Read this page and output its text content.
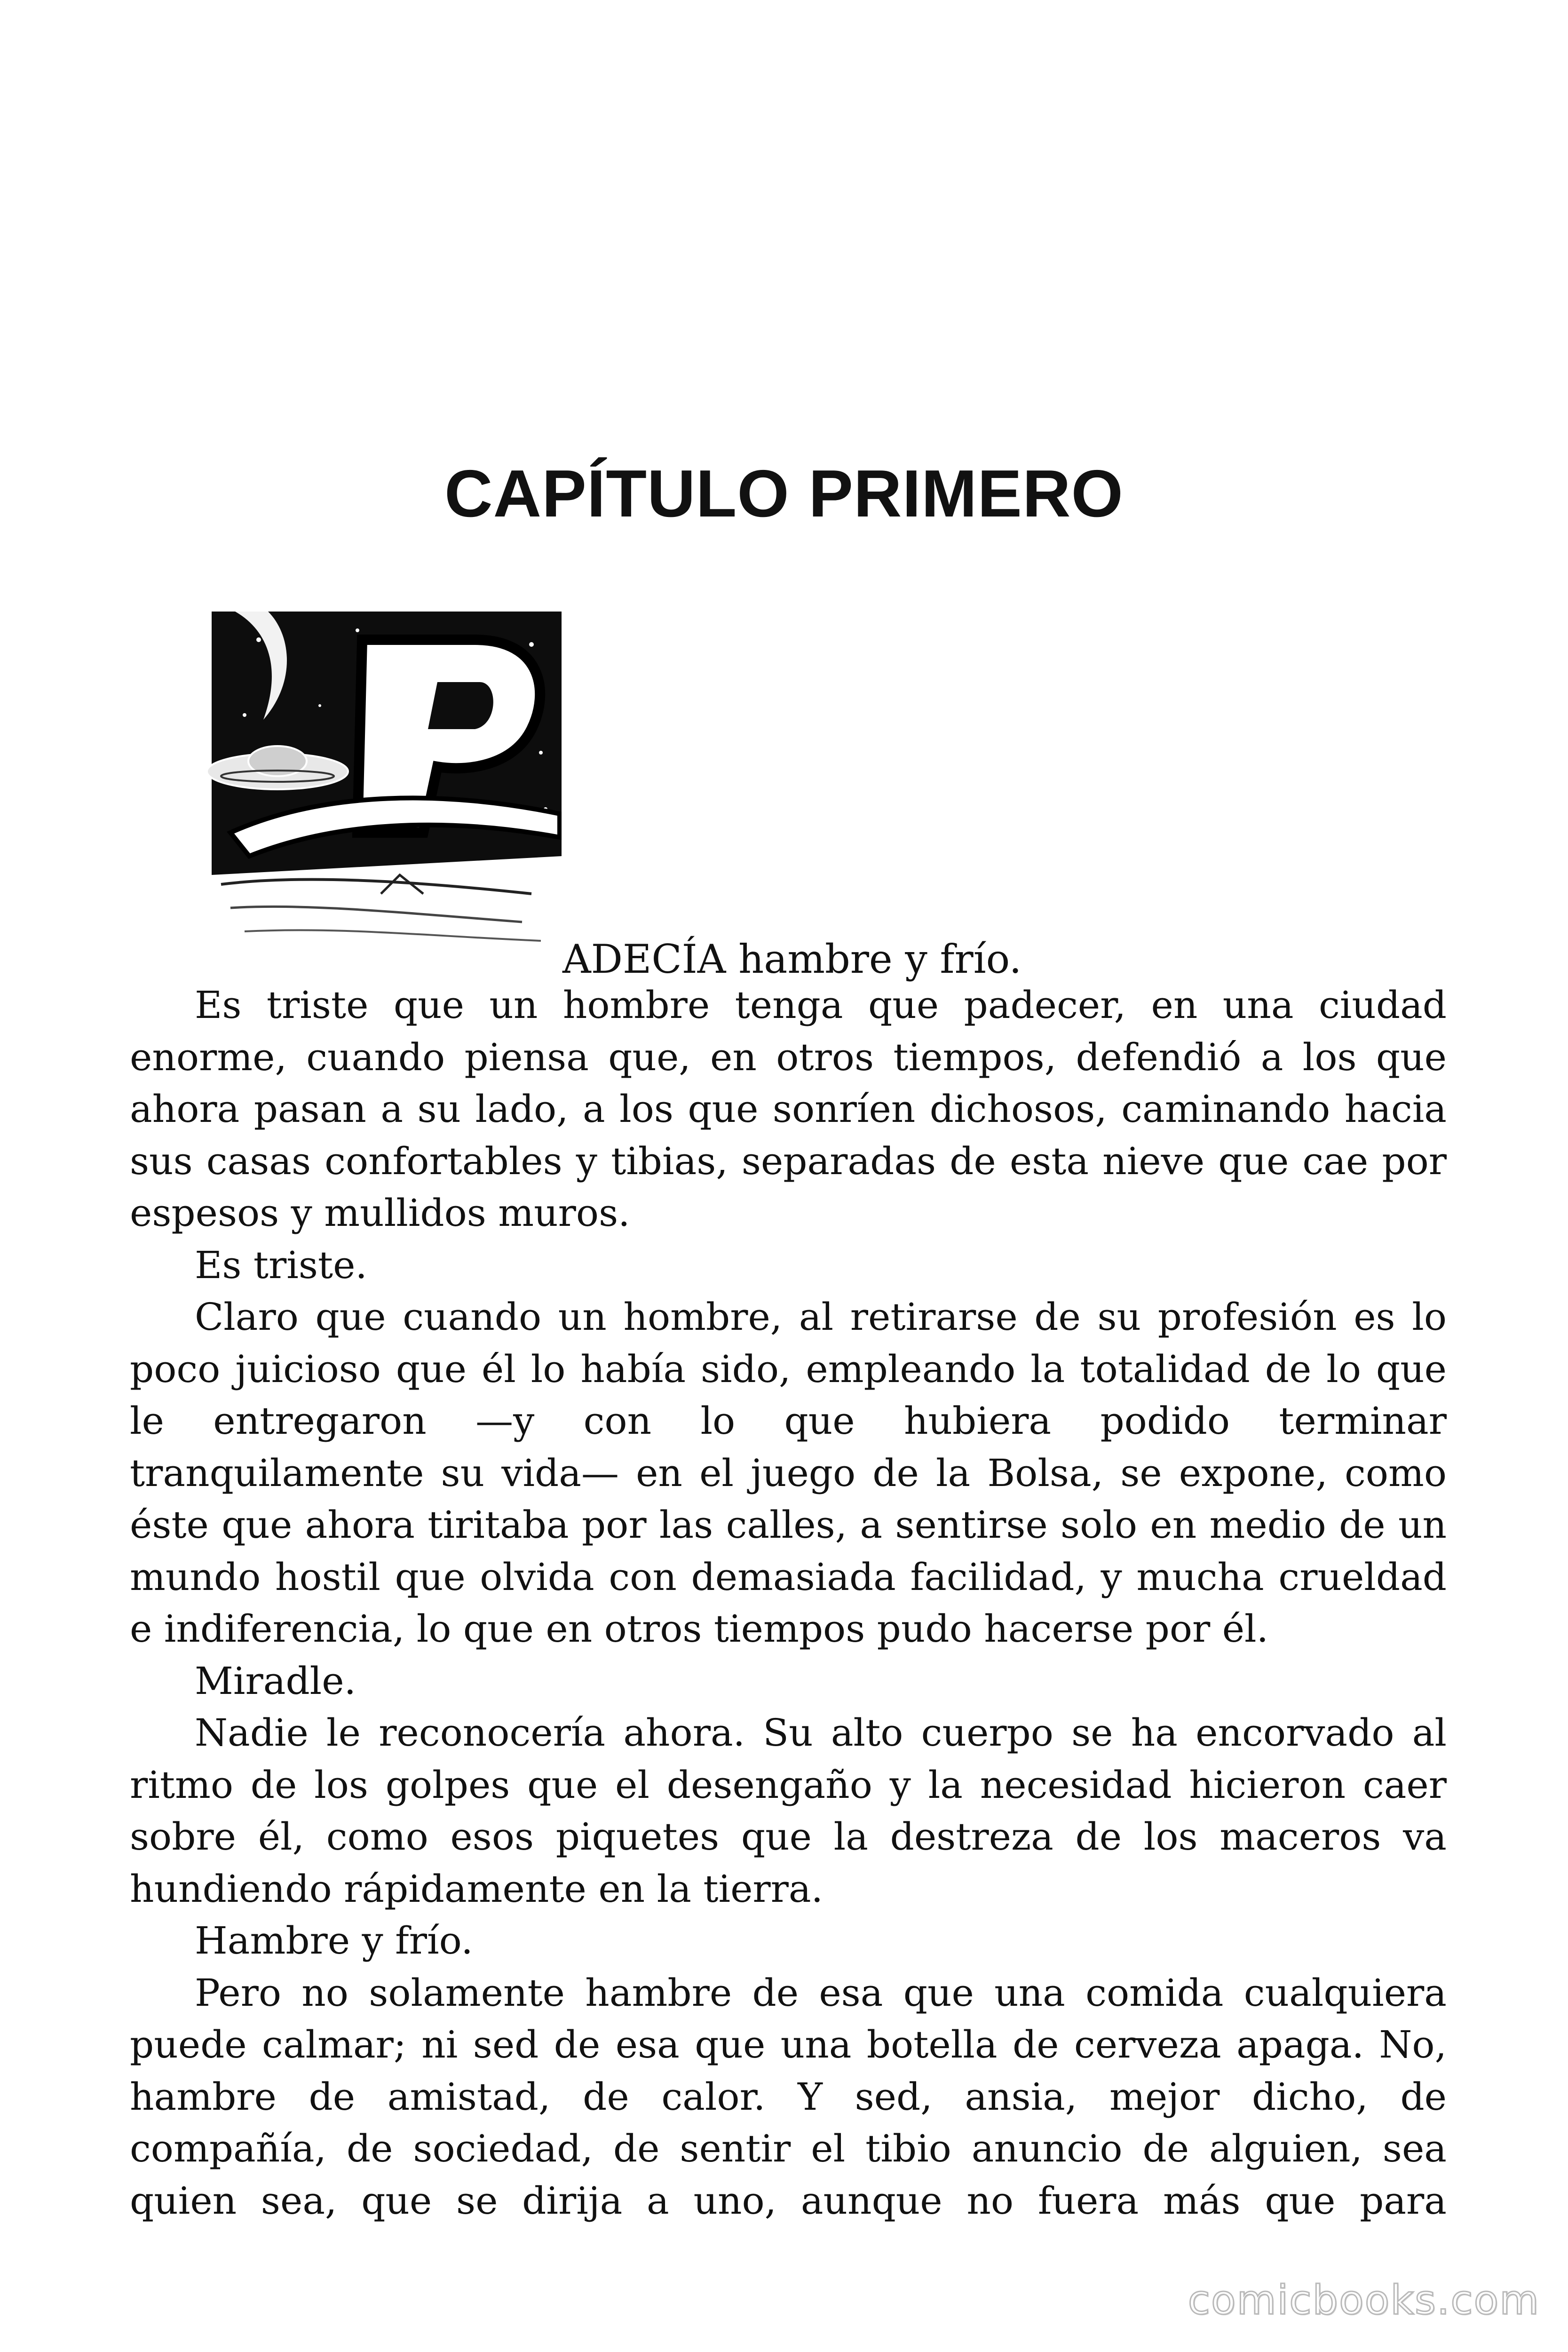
CAPÍTULO PRIMERO
ADECÍA hambre y frío.

Es triste que un hombre tenga que padecer, en una ciudad enorme, cuando piensa que, en otros tiempos, defendió a los que ahora pasan a su lado, a los que sonríen dichosos, caminando hacia sus casas confortables y tibias, separadas de esta nieve que cae por espesos y mullidos muros.

Es triste.

Claro que cuando un hombre, al retirarse de su profesión es lo poco juicioso que él lo había sido, empleando la totalidad de lo que le entregaron —y con lo que hubiera podido terminar tranquilamente su vida— en el juego de la Bolsa, se expone, como éste que ahora tiritaba por las calles, a sentirse solo en medio de un mundo hostil que olvida con demasiada facilidad, y mucha crueldad e indiferencia, lo que en otros tiempos pudo hacerse por él.

Miradle.

Nadie le reconocería ahora. Su alto cuerpo se ha encorvado al ritmo de los golpes que el desengaño y la necesidad hicieron caer sobre él, como esos piquetes que la destreza de los maceros va hundiendo rápidamente en la tierra.

Hambre y frío.

Pero no solamente hambre de esa que una comida cualquiera puede calmar; ni sed de esa que una botella de cerveza apaga. No, hambre de amistad, de calor. Y sed, ansia, mejor dicho, de compañía, de sociedad, de sentir el tibio anuncio de alguien, sea quien sea, que se dirija a uno, aunque no fuera más que para

comicbooks.com
